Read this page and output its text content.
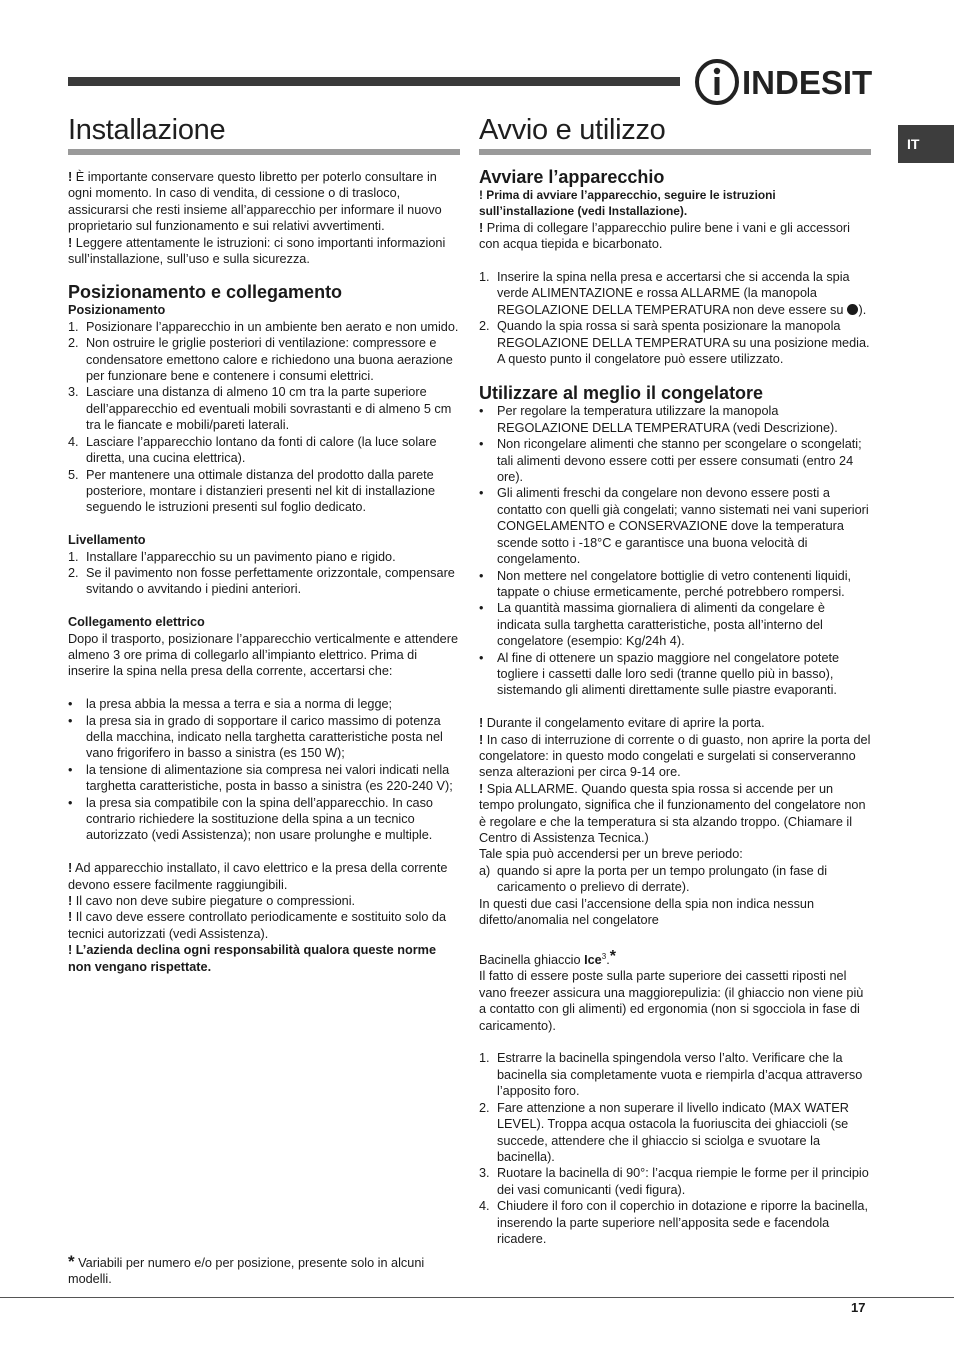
INDESIT
IT
Installazione

! È importante conservare questo libretto per poterlo consultare in ogni momento. In caso di vendita, di cessione o di trasloco, assicurarsi che resti insieme all’apparecchio per informare il nuovo proprietario sul funzionamento e sui relativi avvertimenti.

! Leggere attentamente le istruzioni: ci sono importanti informazioni sull’installazione, sull’uso e sulla sicurezza.

Posizionamento e collegamento

Posizionamento

1. Posizionare l’apparecchio in un ambiente ben aerato e non umido.
2. Non ostruire le griglie posteriori di ventilazione: compressore e condensatore emettono calore e richiedono una buona aerazione per funzionare bene e contenere i consumi elettrici.
3. Lasciare una distanza di almeno 10 cm tra la parte superiore dell’apparecchio ed eventuali mobili sovrastanti e di almeno 5 cm tra le fiancate e mobili/pareti laterali.
4. Lasciare l’apparecchio lontano da fonti di calore (la luce solare diretta, una cucina elettrica).
5. Per mantenere una ottimale distanza del prodotto dalla parete posteriore, montare i distanzieri presenti nel kit di installazione seguendo le istruzioni presenti sul foglio dedicato.

Livellamento

1. Installare l’apparecchio su un pavimento piano e rigido.
2. Se il pavimento non fosse perfettamente orizzontale, compensare svitando o avvitando i piedini anteriori.

Collegamento elettrico

Dopo il trasporto, posizionare l’apparecchio verticalmente e attendere almeno 3 ore prima di collegarlo all’impianto elettrico. Prima di inserire la spina nella presa della corrente, accertarsi che:

• la presa abbia la messa a terra e sia a norma di legge;
• la presa sia in grado di sopportare il carico massimo di potenza della macchina, indicato nella targhetta caratteristiche posta nel vano frigorifero in basso a sinistra (es 150 W);
• la tensione di alimentazione sia compresa nei valori indicati nella targhetta caratteristiche, posta in basso a sinistra (es 220-240 V);
• la presa sia compatibile con la spina dell’apparecchio. In caso contrario richiedere la sostituzione della spina a un tecnico autorizzato (vedi Assistenza); non usare prolunghe e multiple.

! Ad apparecchio installato, il cavo elettrico e la presa della corrente devono essere facilmente raggiungibili.

! Il cavo non deve subire piegature o compressioni.

! Il cavo deve essere controllato periodicamente e sostituito solo da tecnici autorizzati (vedi Assistenza).

! L’azienda declina ogni responsabilità qualora queste norme non vengano rispettate.

* Variabili per numero e/o per posizione, presente solo in alcuni modelli.
Avvio e utilizzo
Avviare l’apparecchio

! Prima di avviare l’apparecchio, seguire le istruzioni sull’installazione (vedi Installazione).

! Prima di collegare l’apparecchio pulire bene i vani e gli accessori con acqua tiepida e bicarbonato.

1. Inserire la spina nella presa e accertarsi che si accenda la spia verde ALIMENTAZIONE e rossa ALLARME (la manopola REGOLAZIONE DELLA TEMPERATURA non deve essere su ).
2. Quando la spia rossa si sarà spenta posizionare la manopola REGOLAZIONE DELLA TEMPERATURA su una posizione media. A questo punto il congelatore può essere utilizzato.
Utilizzare al meglio il congelatore
• Per regolare la temperatura utilizzare la manopola REGOLAZIONE DELLA TEMPERATURA (vedi Descrizione).
• Non ricongelare alimenti che stanno per scongelare o scongelati; tali alimenti devono essere cotti per essere consumati (entro 24 ore).
• Gli alimenti freschi da congelare non devono essere posti a contatto con quelli già congelati; vanno sistemati nei vani superiori CONGELAMENTO e CONSERVAZIONE dove la temperatura scende sotto i -18°C e garantisce una buona velocità di congelamento.
• Non mettere nel congelatore bottiglie di vetro contenenti liquidi, tappate o chiuse ermeticamente, perché potrebbero rompersi.
• La quantità massima giornaliera di alimenti da congelare è indicata sulla targhetta caratteristiche, posta all’interno del congelatore (esempio: Kg/24h 4).
• Al fine di ottenere un spazio maggiore nel congelatore potete togliere i cassetti dalle loro sedi (tranne quello più in basso), sistemando gli alimenti direttamente sulle piastre evaporanti.

! Durante il congelamento evitare di aprire la porta.

! In caso di interruzione di corrente o di guasto, non aprire la porta del congelatore: in questo modo congelati e surgelati si conserveranno senza alterazioni per circa 9-14 ore.

! Spia ALLARME. Quando questa spia rossa si accende per un tempo prolungato, significa che il funzionamento del congelatore non è regolare e che la temperatura si sta alzando troppo. (Chiamare il Centro di Assistenza Tecnica.)

Tale spia può accendersi per un breve periodo:

a) quando si apre la porta per un tempo prolungato (in fase di caricamento o prelievo di derrate).

In questi due casi l’accensione della spia non indica nessun difetto/anomalia nel congelatore

Bacinella ghiaccio Ice$^3$.*

Il fatto di essere poste sulla parte superiore dei cassetti riposti nel vano freezer assicura una maggiorepulizia: (il ghiaccio non viene più a contatto con gli alimenti) ed ergonomia (non si sgocciola in fase di caricamento).

1. Estrarre la bacinella spingendola verso l’alto. Verificare che la bacinella sia completamente vuota e riempirla d’acqua attraverso l’apposito foro.
2. Fare attenzione a non superare il livello indicato (MAX WATER LEVEL). Troppa acqua ostacola la fuoriuscita dei ghiaccioli (se succede, attendere che il ghiaccio si sciolga e svuotare la bacinella).
3. Ruotare la bacinella di 90°: l’acqua riempie le forme per il principio dei vasi comunicanti (vedi figura).
4. Chiudere il foro con il coperchio in dotazione e riporre la bacinella, inserendo la parte superiore nell’apposita sede e facendola ricadere.
17
